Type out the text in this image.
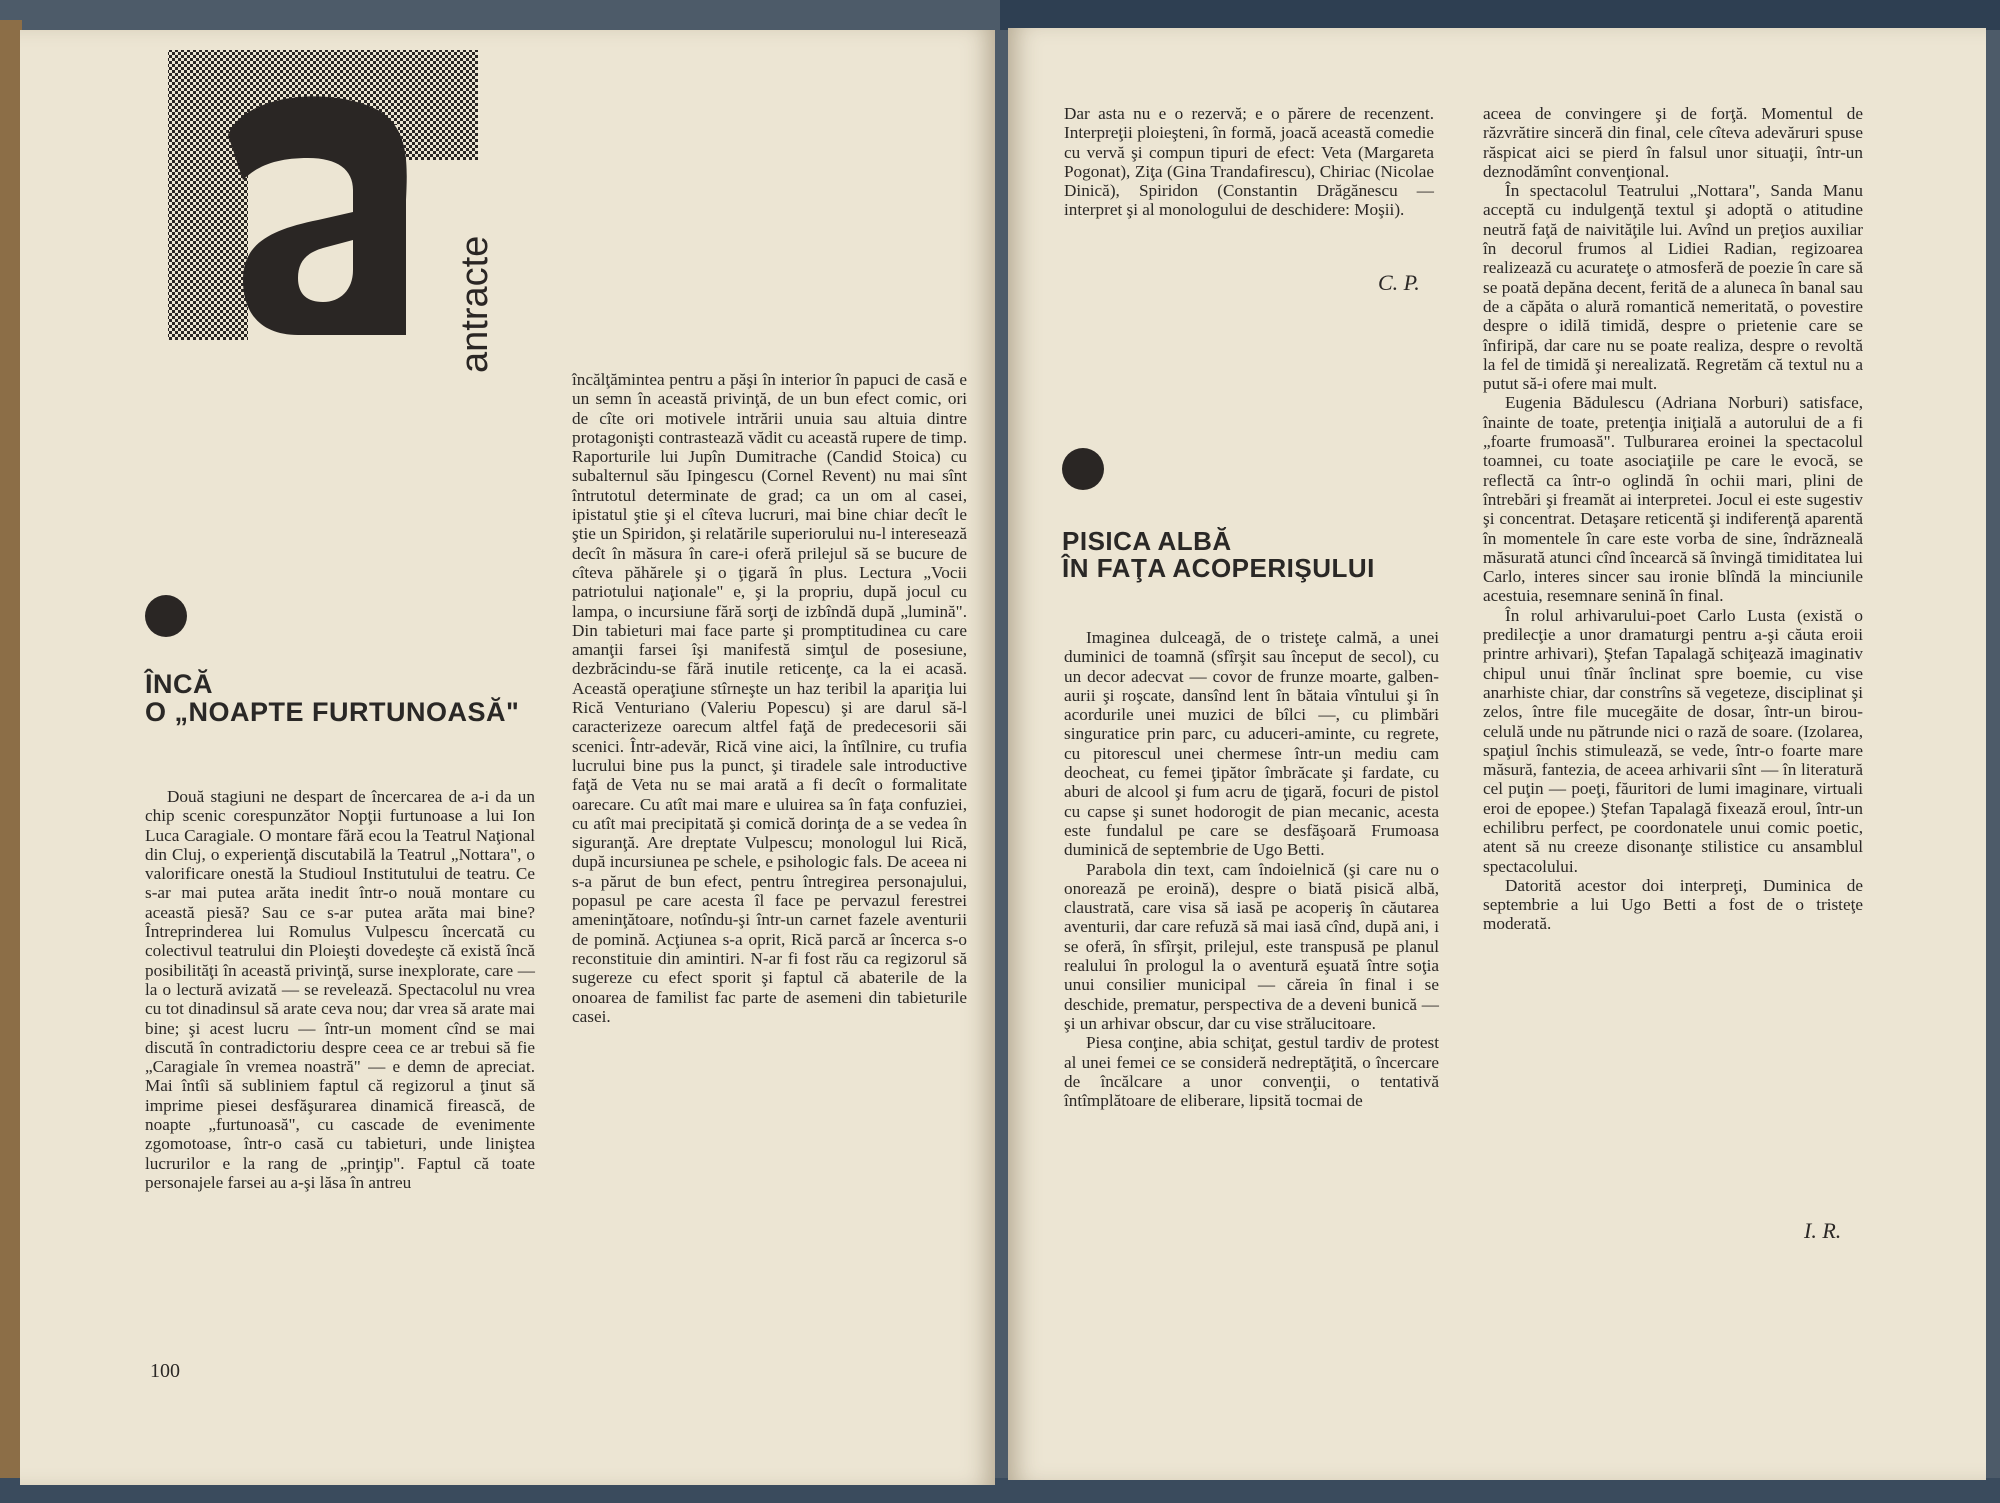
a
antracte
ÎNCĂ
O „NOAPTE FURTUNOASĂ"

Două stagiuni ne despart de încercarea de a-i da un chip scenic corespunzător Nopţii furtunoase a lui Ion Luca Caragiale. O montare fără ecou la Teatrul Naţional din Cluj, o experienţă discutabilă la Teatrul „Nottara", o valorificare onestă la Studioul Institutului de teatru. Ce s-ar mai putea arăta inedit într-o nouă montare cu această piesă? Sau ce s-ar putea arăta mai bine? Întreprinderea lui Romulus Vulpescu încercată cu colectivul teatrului din Ploieşti dovedeşte că există încă posibilităţi în această privinţă, surse inexplorate, care — la o lectură avizată — se revelează. Spectacolul nu vrea cu tot dinadinsul să arate ceva nou; dar vrea să arate mai bine; şi acest lucru — într-un moment cînd se mai discută în contradictoriu despre ceea ce ar trebui să fie „Caragiale în vremea noastră" — e demn de apreciat. Mai întîi să subliniem faptul că regizorul a ţinut să imprime piesei desfăşurarea dinamică firească, de noapte „furtunoasă", cu cascade de evenimente zgomotoase, într-o casă cu tabieturi, unde liniştea lucrurilor e la rang de „prinţip". Faptul că toate personajele farsei au a-şi lăsa în antreu

încălţămintea pentru a păşi în interior în papuci de casă e un semn în această privinţă, de un bun efect comic, ori de cîte ori motivele intrării unuia sau altuia dintre protagonişti contrastează vădit cu această rupere de timp. Raporturile lui Jupîn Dumitrache (Candid Stoica) cu subalternul său Ipingescu (Cornel Revent) nu mai sînt întrutotul determinate de grad; ca un om al casei, ipistatul ştie şi el cîteva lucruri, mai bine chiar decît le ştie un Spiridon, şi relatările superiorului nu-l interesează decît în măsura în care-i oferă prilejul să se bucure de cîteva păhărele şi o ţigară în plus. Lectura „Vocii patriotului naţionale" e, şi la propriu, după jocul cu lampa, o incursiune fără sorţi de izbîndă după „lumină". Din tabieturi mai face parte şi promptitudinea cu care amanţii farsei îşi manifestă simţul de posesiune, dezbrăcindu-se fără inutile reticenţe, ca la ei acasă. Această operaţiune stîrneşte un haz teribil la apariţia lui Rică Venturiano (Valeriu Popescu) şi are darul să-l caracterizeze oarecum altfel faţă de predecesorii săi scenici. Într-adevăr, Rică vine aici, la întîlnire, cu trufia lucrului bine pus la punct, şi tiradele sale introductive faţă de Veta nu se mai arată a fi decît o formalitate oarecare. Cu atît mai mare e uluirea sa în faţa confuziei, cu atît mai precipitată şi comică dorinţa de a se vedea în siguranţă. Are dreptate Vulpescu; monologul lui Rică, după incursiunea pe schele, e psihologic fals. De aceea ni s-a părut de bun efect, pentru întregirea personajului, popasul pe care acesta îl face pe pervazul ferestrei ameninţătoare, notîndu-şi într-un carnet fazele aventurii de pomină. Acţiunea s-a oprit, Rică parcă ar încerca s-o reconstituie din amintiri. N-ar fi fost rău ca regizorul să sugereze cu efect sporit şi faptul că abaterile de la onoarea de familist fac parte de asemeni din tabieturile casei.

100

Dar asta nu e o rezervă; e o părere de recenzent. Interpreţii ploieşteni, în formă, joacă această comedie cu vervă şi compun tipuri de efect: Veta (Margareta Pogonat), Ziţa (Gina Trandafirescu), Chiriac (Nicolae Dinică), Spiridon (Constantin Drăgănescu — interpret şi al monologului de deschidere: Moşii).

C. P.
PISICA ALBĂ
ÎN FAŢA ACOPERIŞULUI

Imaginea dulceagă, de o tristeţe calmă, a unei duminici de toamnă (sfîrşit sau început de secol), cu un decor adecvat — covor de frunze moarte, galben-aurii şi roşcate, dansînd lent în bătaia vîntului şi în acordurile unei muzici de bîlci —, cu plimbări singuratice prin parc, cu aduceri-aminte, cu regrete, cu pitorescul unei chermese într-un mediu cam deocheat, cu femei ţipător îmbrăcate şi fardate, cu aburi de alcool şi fum acru de ţigară, focuri de pistol cu capse şi sunet hodorogit de pian mecanic, acesta este fundalul pe care se desfăşoară Frumoasa duminică de septembrie de Ugo Betti.

Parabola din text, cam îndoielnică (şi care nu o onorează pe eroină), despre o biată pisică albă, claustrată, care visa să iasă pe acoperiş în căutarea aventurii, dar care refuză să mai iasă cînd, după ani, i se oferă, în sfîrşit, prilejul, este transpusă pe planul realului în prologul la o aventură eşuată între soţia unui consilier municipal — căreia în final i se deschide, prematur, perspectiva de a deveni bunică — şi un arhivar obscur, dar cu vise strălucitoare.

Piesa conţine, abia schiţat, gestul tardiv de protest al unei femei ce se consideră nedreptăţită, o încercare de încălcare a unor convenţii, o tentativă întîmplătoare de eliberare, lipsită tocmai de

aceea de convingere şi de forţă. Momentul de răzvrătire sinceră din final, cele cîteva adevăruri spuse răspicat aici se pierd în falsul unor situaţii, într-un deznodămînt convenţional.

În spectacolul Teatrului „Nottara", Sanda Manu acceptă cu indulgenţă textul şi adoptă o atitudine neutră faţă de naivităţile lui. Avînd un preţios auxiliar în decorul frumos al Lidiei Radian, regizoarea realizează cu acurateţe o atmosferă de poezie în care să se poată depăna decent, ferită de a aluneca în banal sau de a căpăta o alură romantică nemeritată, o povestire despre o idilă timidă, despre o prietenie care se înfiripă, dar care nu se poate realiza, despre o revoltă la fel de timidă şi nerealizată. Regretăm că textul nu a putut să-i ofere mai mult.

Eugenia Bădulescu (Adriana Norburi) satisface, înainte de toate, pretenţia iniţială a autorului de a fi „foarte frumoasă". Tulburarea eroinei la spectacolul toamnei, cu toate asociaţiile pe care le evocă, se reflectă ca într-o oglindă în ochii mari, plini de întrebări şi freamăt ai interpretei. Jocul ei este sugestiv şi concentrat. Detaşare reticentă şi indiferenţă aparentă în momentele în care este vorba de sine, îndrăzneală măsurată atunci cînd încearcă să învingă timiditatea lui Carlo, interes sincer sau ironie blîndă la minciunile acestuia, resemnare senină în final.

În rolul arhivarului-poet Carlo Lusta (există o predilecţie a unor dramaturgi pentru a-şi căuta eroii printre arhivari), Ştefan Tapalagă schiţează imaginativ chipul unui tînăr înclinat spre boemie, cu vise anarhiste chiar, dar constrîns să vegeteze, disciplinat şi zelos, între file mucegăite de dosar, într-un birou-celulă unde nu pătrunde nici o rază de soare. (Izolarea, spaţiul închis stimulează, se vede, într-o foarte mare măsură, fantezia, de aceea arhivarii sînt — în literatură cel puţin — poeţi, făuritori de lumi imaginare, virtuali eroi de epopee.) Ştefan Tapalagă fixează eroul, într-un echilibru perfect, pe coordonatele unui comic poetic, atent să nu creeze disonanţe stilistice cu ansamblul spectacolului.

Datorită acestor doi interpreţi, Duminica de septembrie a lui Ugo Betti a fost de o tristeţe moderată.

I. R.
